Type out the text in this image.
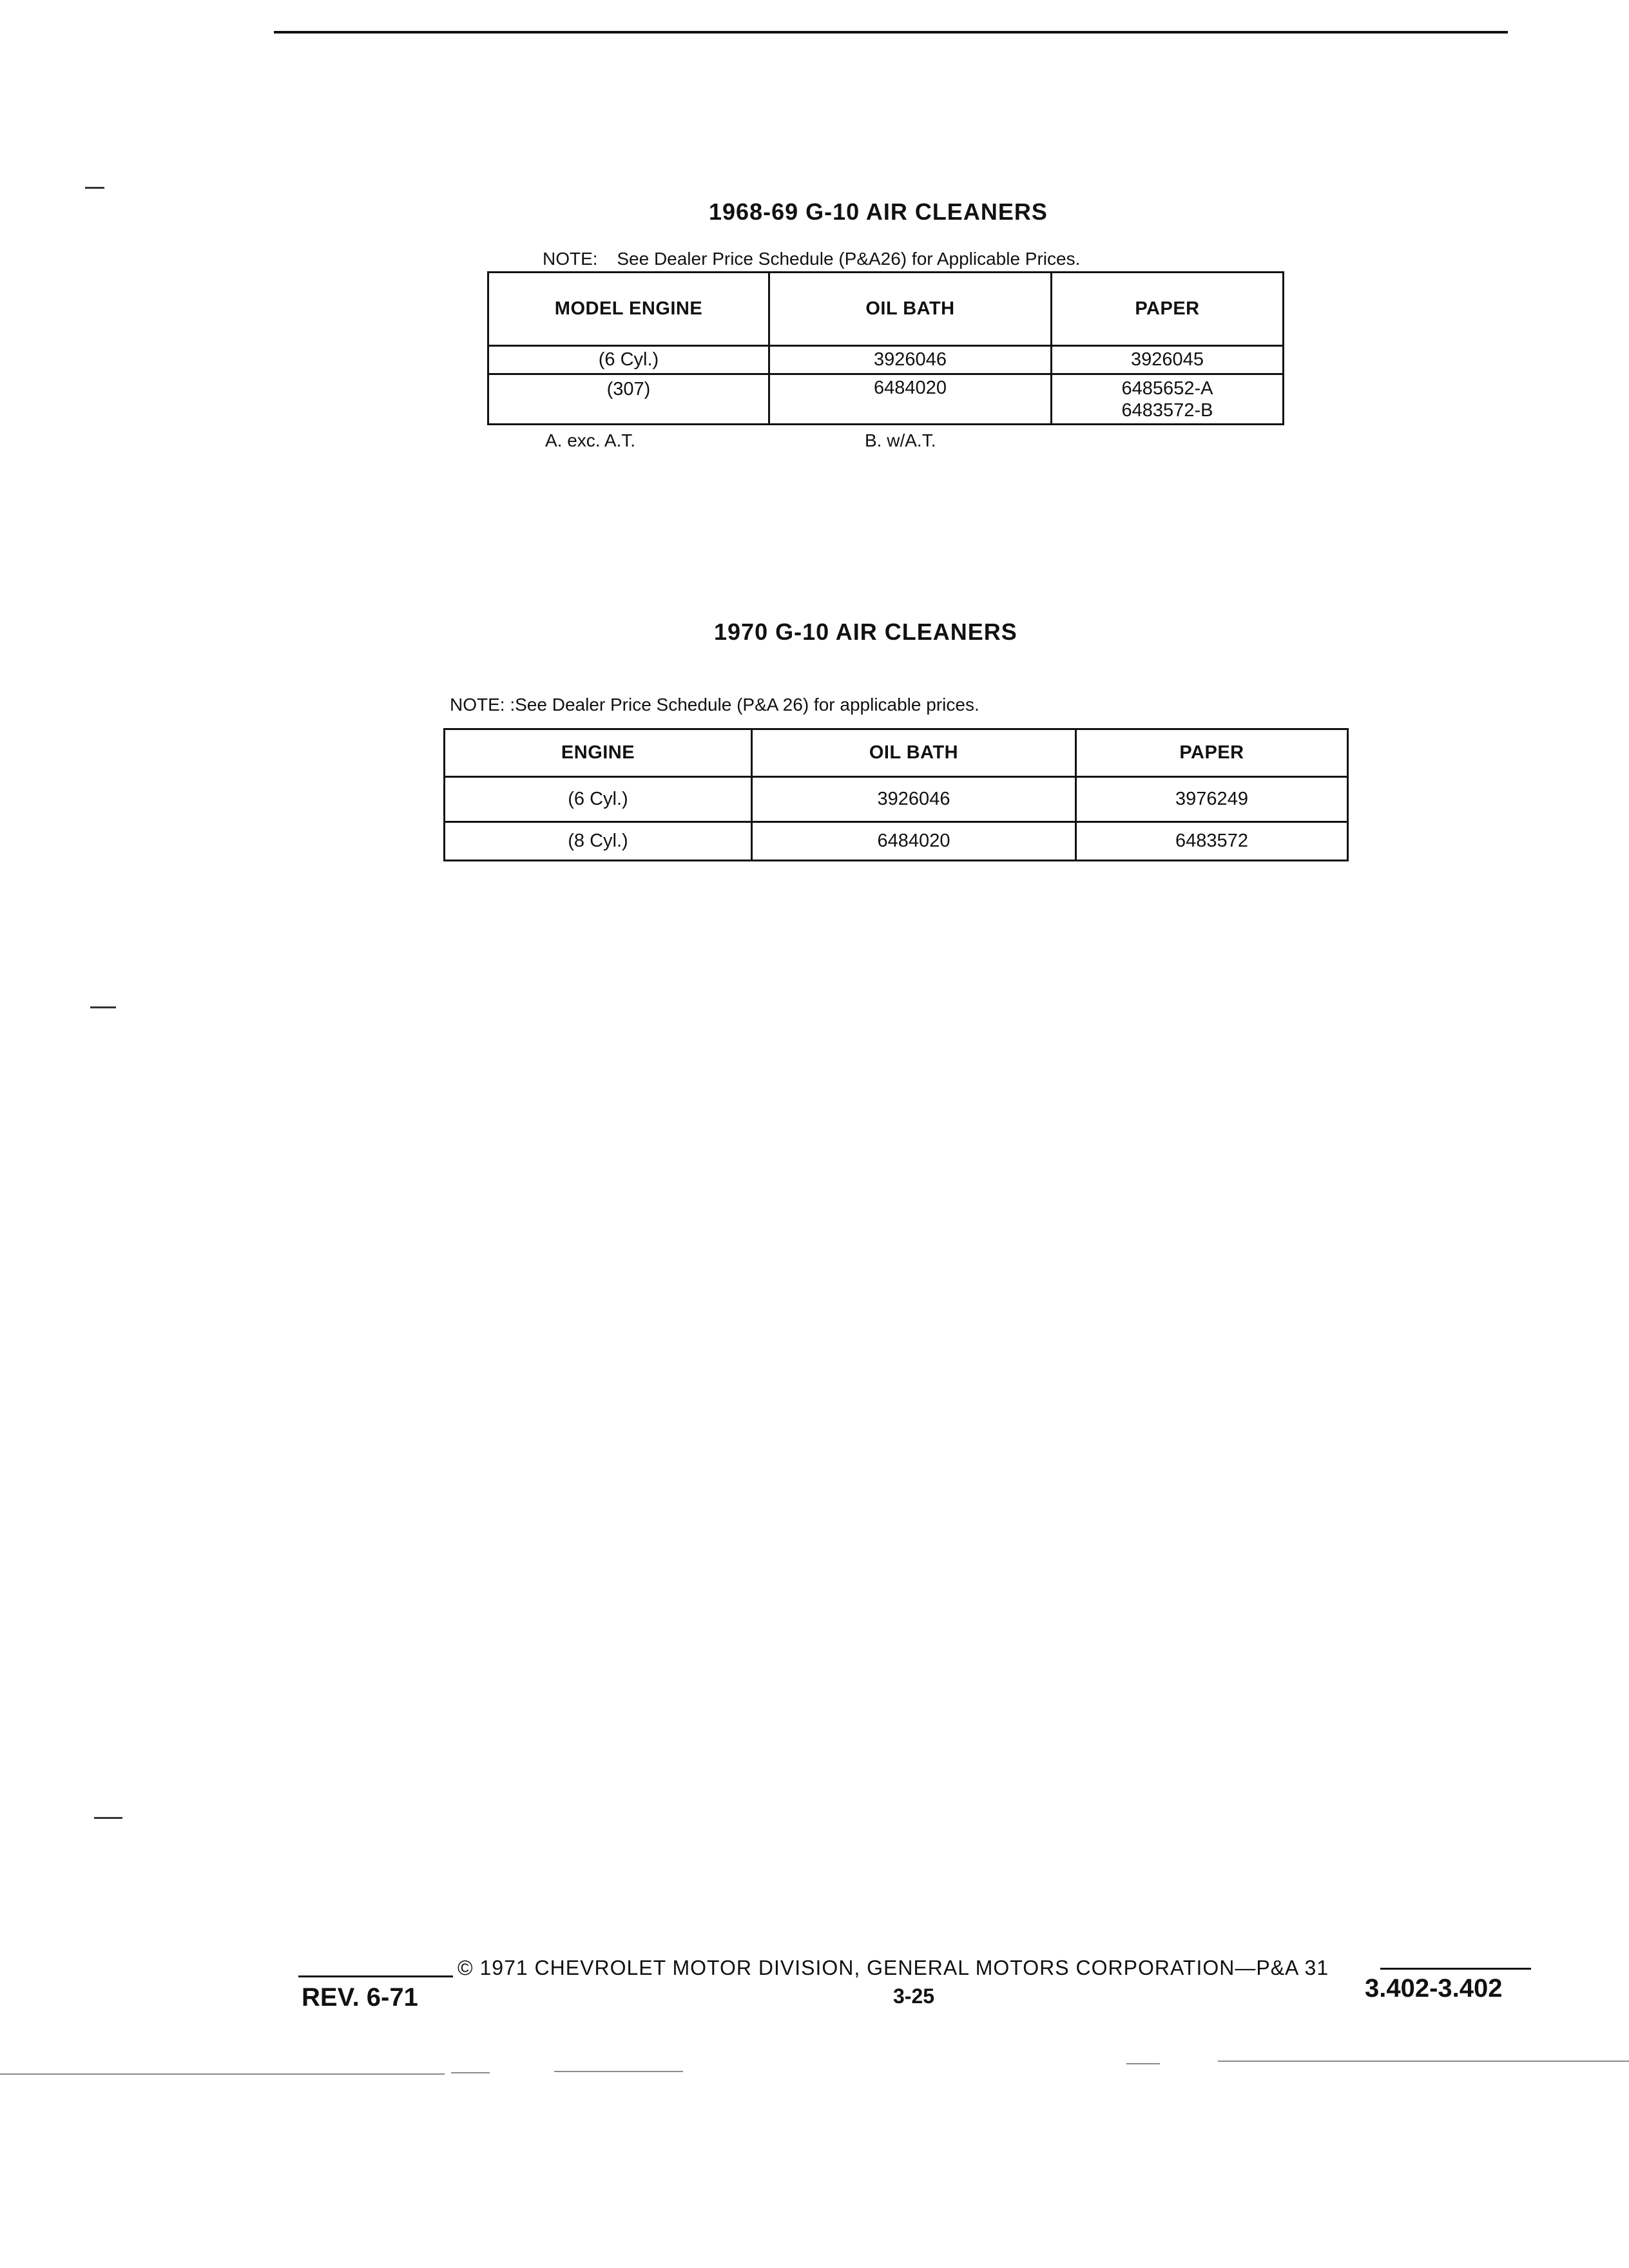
1968-69 G-10 AIR CLEANERS
NOTE: See Dealer Price Schedule (P&A26) for Applicable Prices.
MODEL ENGINE	OIL BATH	PAPER
(6 Cyl.)	3926046	3926045
(307)	6484020	6485652-A
6483572-B
A. exc. A.T.	B. w/A.T.
1970 G-10 AIR CLEANERS
NOTE: :See Dealer Price Schedule (P&A 26) for applicable prices.
ENGINE	OIL BATH	PAPER
(6 Cyl.)	3926046	3976249
(8 Cyl.)	6484020	6483572
© 1971 CHEVROLET MOTOR DIVISION, GENERAL MOTORS CORPORATION—P&A 31
REV. 6-71	3-25	3.402-3.402
